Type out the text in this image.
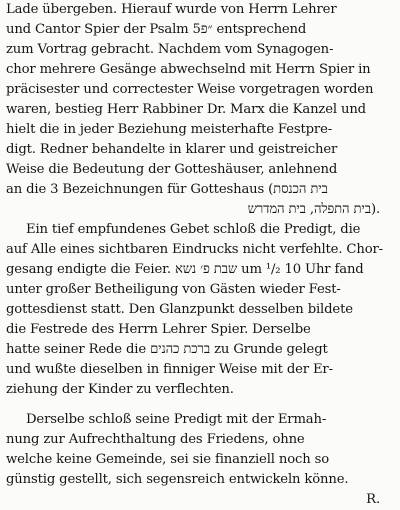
Lade übergeben. Hierauf wurde von Herrn Lehrer
und Cantor Spier der Psalm 5״פ entsprechend
zum Vortrag gebracht. Nachdem vom Synagogen-
chor mehrere Gesänge abwechselnd mit Herrn Spier in
präcisester und correctester Weise vorgetragen worden
waren, bestieg Herr Rabbiner Dr. Marx die Kanzel und
hielt die in jeder Beziehung meisterhafte Festpre-
digt. Redner behandelte in klarer und geistreicher
Weise die Bedeutung der Gotteshäuser, anlehnend
an die 3 Bezeichnungen für Gotteshaus (בית הכנסת
בית התפלה, בית המדרש).
Ein tief empfundenes Gebet schloß die Predigt, die
auf Alle eines sichtbaren Eindrucks nicht verfehlte. Chor-
gesang endigte die Feier. שבת פ׳ נשא um ¹/₂ 10 Uhr fand
unter großer Betheiligung von Gästen wieder Fest-
gottesdienst statt. Den Glanzpunkt desselben bildete
die Festrede des Herrn Lehrer Spier. Derselbe
hatte seiner Rede die ברכת כהנים zu Grunde gelegt
und wußte dieselben in finniger Weise mit der Er-
ziehung der Kinder zu verflechten.
Derselbe schloß seine Predigt mit der Ermah-
nung zur Aufrechthaltung des Friedens, ohne
welche keine Gemeinde, sei sie finanziell noch so
günstig gestellt, sich segensreich entwickeln könne.
R.
